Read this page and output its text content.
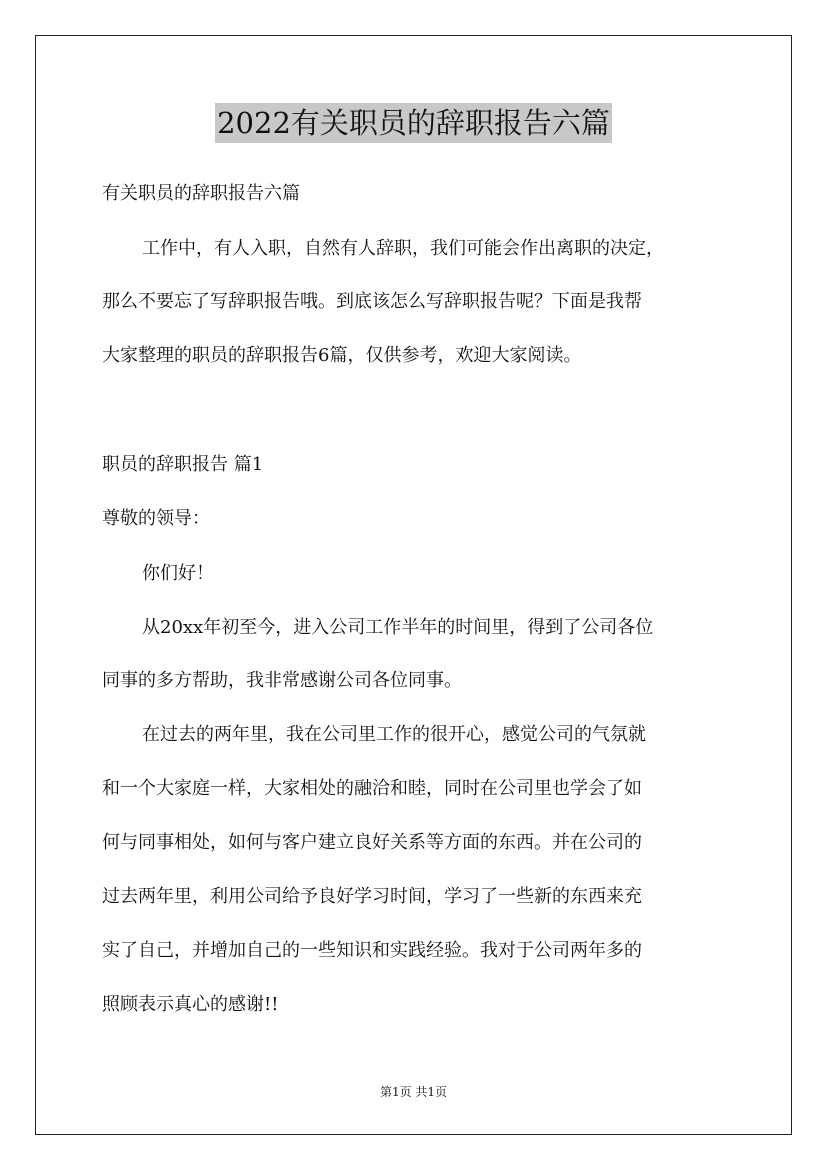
2022有关职员的辞职报告六篇
有关职员的辞职报告六篇
工作中，有人入职，自然有人辞职，我们可能会作出离职的决定，
那么不要忘了写辞职报告哦。到底该怎么写辞职报告呢？下面是我帮
大家整理的职员的辞职报告6篇，仅供参考，欢迎大家阅读。
职员的辞职报告 篇1
尊敬的领导：
你们好！
从20xx年初至今，进入公司工作半年的时间里，得到了公司各位
同事的多方帮助，我非常感谢公司各位同事。
在过去的两年里，我在公司里工作的很开心，感觉公司的气氛就
和一个大家庭一样，大家相处的融洽和睦，同时在公司里也学会了如
何与同事相处，如何与客户建立良好关系等方面的东西。并在公司的
过去两年里，利用公司给予良好学习时间，学习了一些新的东西来充
实了自己，并增加自己的一些知识和实践经验。我对于公司两年多的
照顾表示真心的感谢!!
第1页 共1页
